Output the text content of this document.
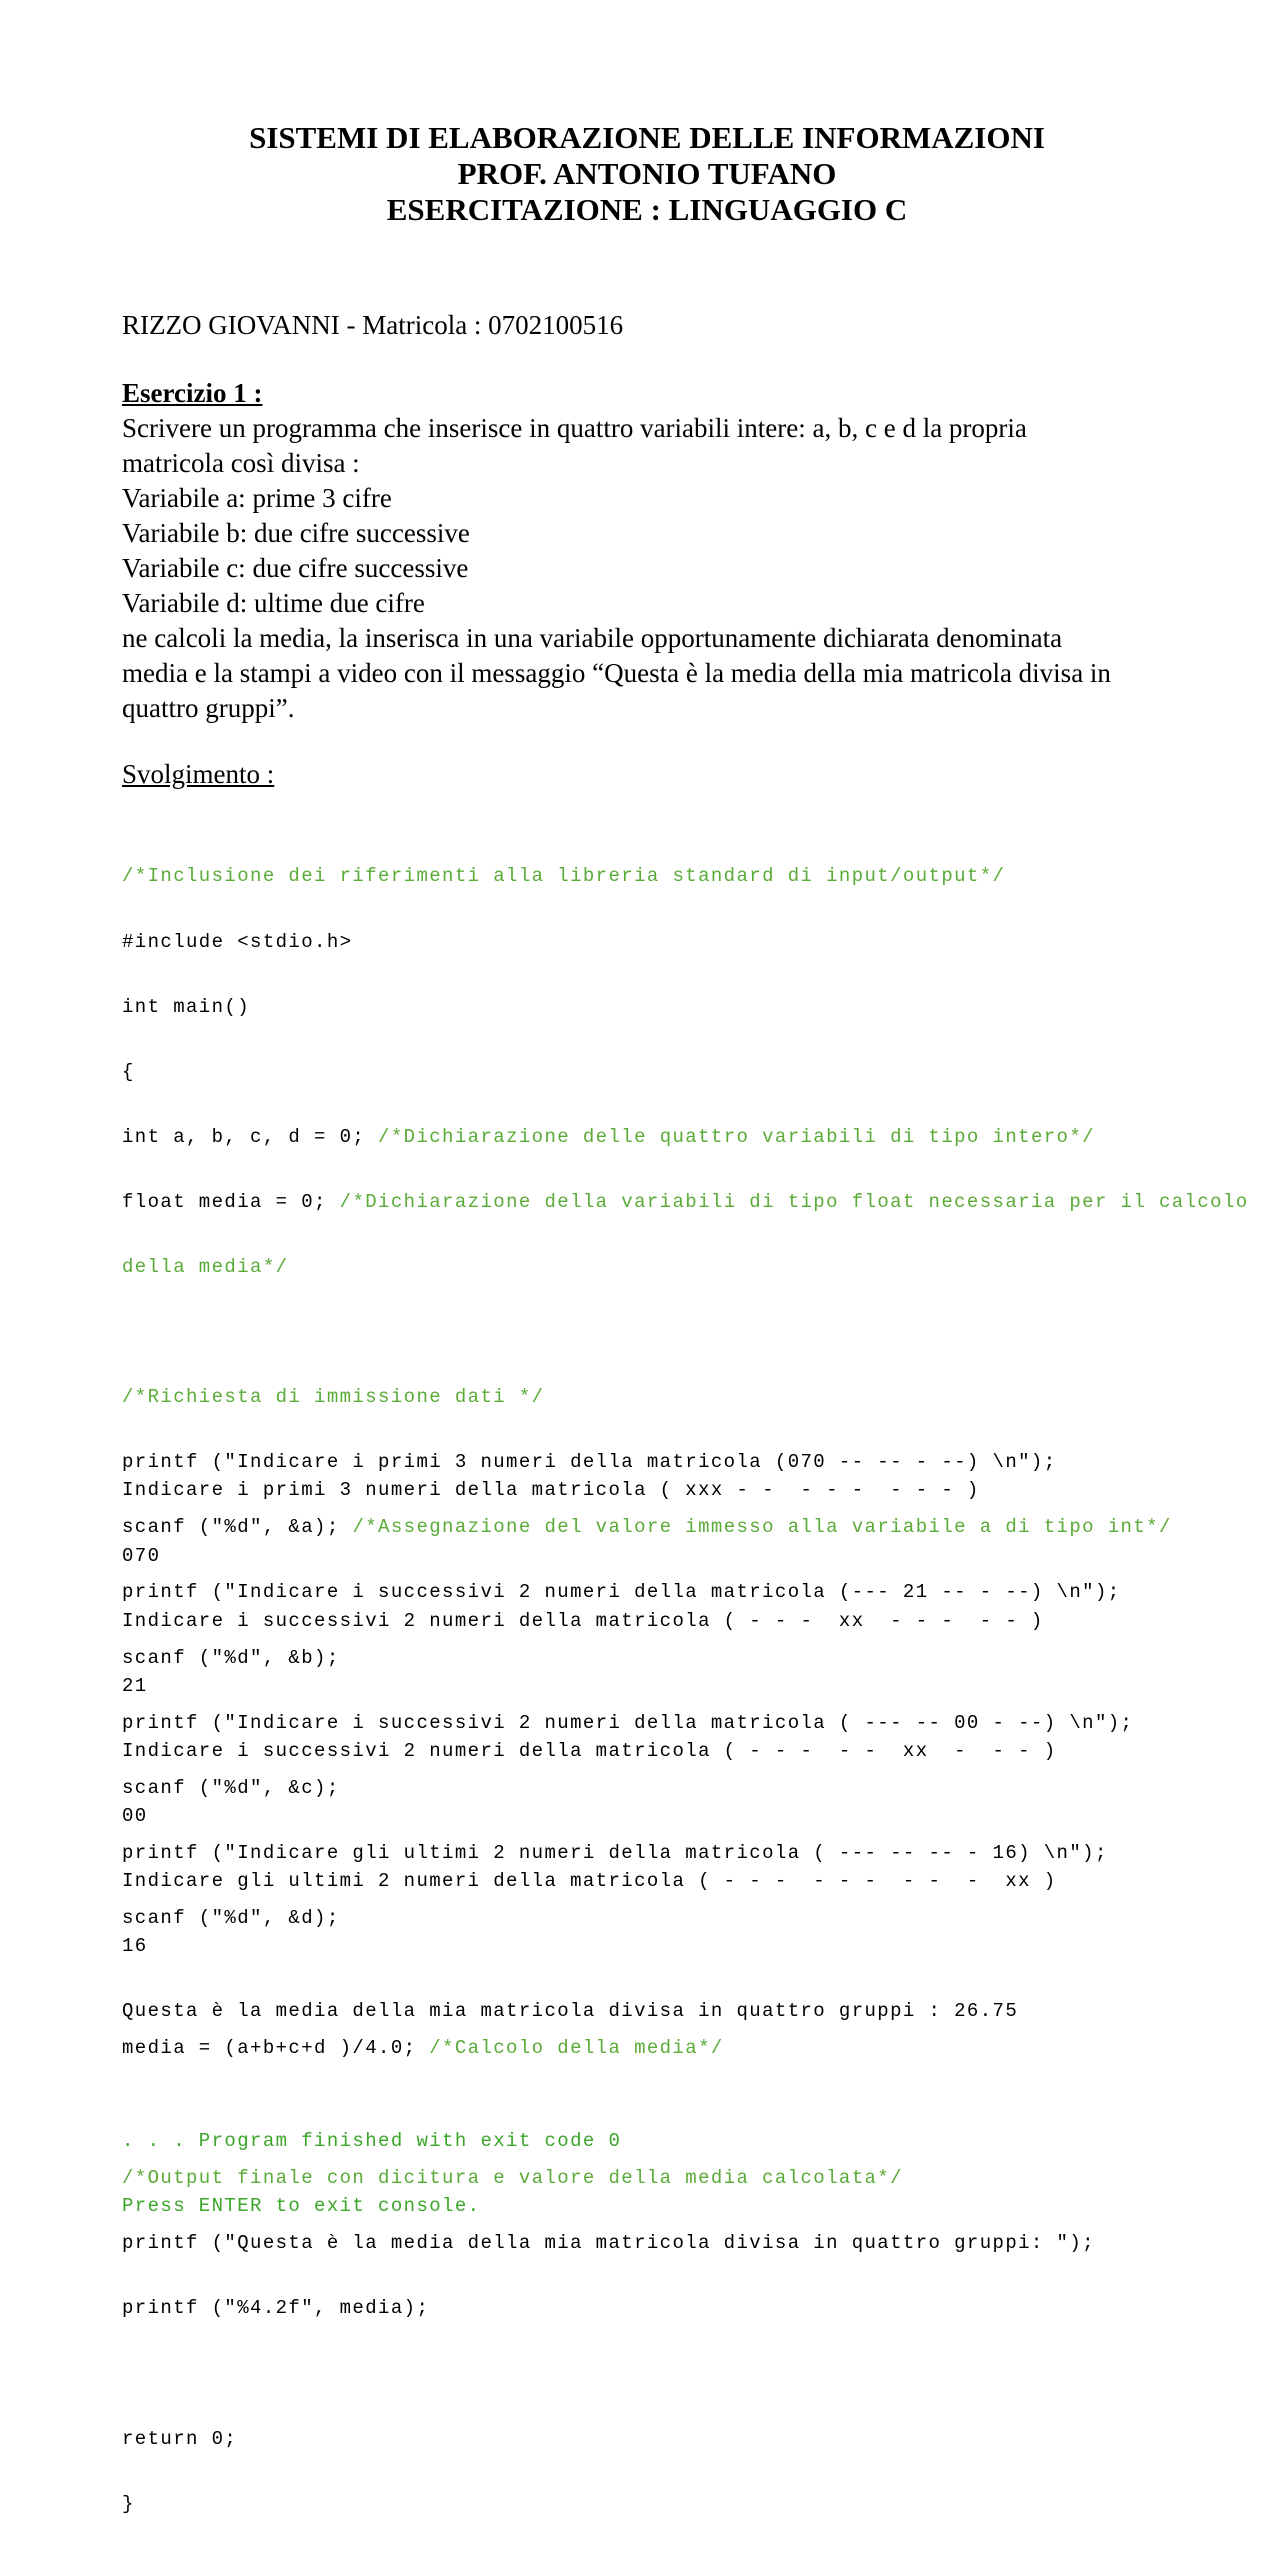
SISTEMI DI ELABORAZIONE DELLE INFORMAZIONI
PROF. ANTONIO TUFANO
ESERCITAZIONE : LINGUAGGIO C
RIZZO GIOVANNI - Matricola : 0702100516
Esercizio 1 :
Scrivere un programma che inserisce in quattro variabili intere: a, b, c e d la propria
matricola così divisa :
Variabile a: prime 3 cifre
Variabile b: due cifre successive
Variabile c: due cifre successive
Variabile d: ultime due cifre
ne calcoli la media, la inserisca in una variabile opportunamente dichiarata denominata
media e la stampi a video con il messaggio “Questa è la media della mia matricola divisa in
quattro gruppi”.
Svolgimento :

/*Inclusione dei riferimenti alla libreria standard di input/output*/

#include <stdio.h>

int main()

{

int a, b, c, d = 0; /*Dichiarazione delle quattro variabili di tipo intero*/

float media = 0; /*Dichiarazione della variabili di tipo float necessaria per il calcolo

della media*/

/*Richiesta di immissione dati */

printf ("Indicare i primi 3 numeri della matricola (070 -- -- - --) \n");

scanf ("%d", &a); /*Assegnazione del valore immesso alla variabile a di tipo int*/

printf ("Indicare i successivi 2 numeri della matricola (--- 21 -- - --) \n");

scanf ("%d", &b);

printf ("Indicare i successivi 2 numeri della matricola ( --- -- 00 - --) \n");

scanf ("%d", &c);

printf ("Indicare gli ultimi 2 numeri della matricola ( --- -- -- - 16) \n");

scanf ("%d", &d);

media = (a+b+c+d )/4.0; /*Calcolo della media*/

/*Output finale con dicitura e valore della media calcolata*/

printf ("Questa è la media della mia matricola divisa in quattro gruppi: ");

printf ("%4.2f", media);

return 0;

}

Indicare i primi 3 numeri della matricola ( xxx - -  - - -  - - - )

070

Indicare i successivi 2 numeri della matricola ( - - -  xx  - - -  - - )

21

Indicare i successivi 2 numeri della matricola ( - - -  - -  xx  -  - - )

00

Indicare gli ultimi 2 numeri della matricola ( - - -  - - -  - -  -  xx )

16

Questa è la media della mia matricola divisa in quattro gruppi : 26.75

. . . Program finished with exit code 0

Press ENTER to exit console.
